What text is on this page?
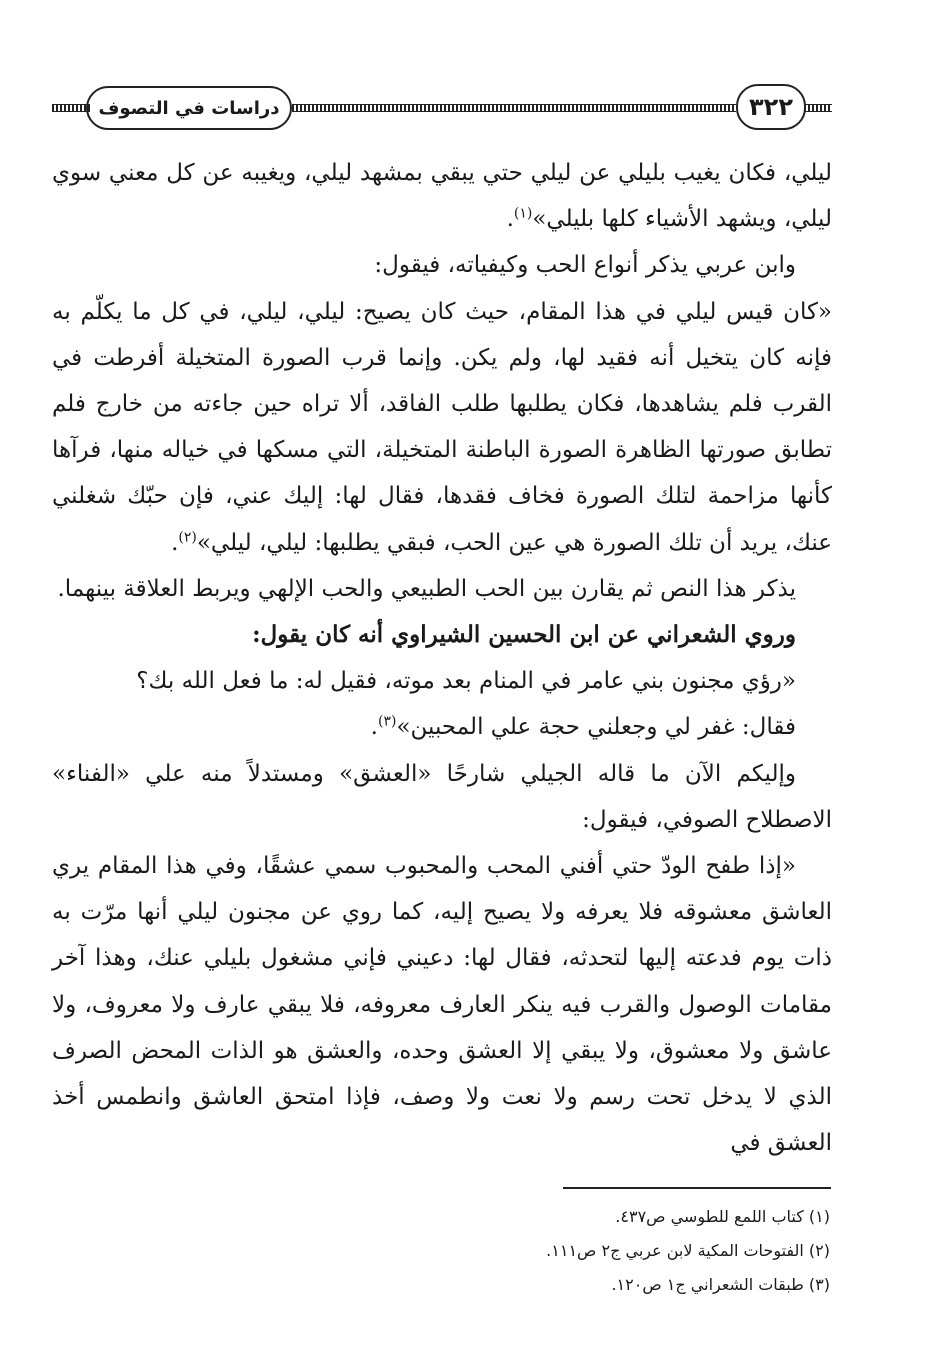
دراسات في التصوف	٣٢٢

ليلي، فكان يغيب بليلي عن ليلي حتي يبقي بمشهد ليلي، ويغيبه عن كل معني سوي ليلي، ويشهد الأشياء كلها بليلي»$^{(١)}$.

وابن عربي يذكر أنواع الحب وكيفياته، فيقول:

«كان قيس ليلي في هذا المقام، حيث كان يصيح: ليلي، ليلي، في كل ما يكلّم به فإنه كان يتخيل أنه فقيد لها، ولم يكن. وإنما قرب الصورة المتخيلة أفرطت في القرب فلم يشاهدها، فكان يطلبها طلب الفاقد، ألا تراه حين جاءته من خارج فلم تطابق صورتها الظاهرة الصورة الباطنة المتخيلة، التي مسكها في خياله منها، فرآها كأنها مزاحمة لتلك الصورة فخاف فقدها، فقال لها: إليك عني، فإن حبّك شغلني عنك، يريد أن تلك الصورة هي عين الحب، فبقي يطلبها: ليلي، ليلي»$^{(٢)}$.

يذكر هذا النص ثم يقارن بين الحب الطبيعي والحب الإلهي ويربط العلاقة بينهما.

وروي الشعراني عن ابن الحسين الشيراوي أنه كان يقول:

«رؤي مجنون بني عامر في المنام بعد موته، فقيل له: ما فعل الله بك؟

فقال: غفر لي وجعلني حجة علي المحبين»$^{(٣)}$.

وإليكم الآن ما قاله الجيلي شارحًا «العشق» ومستدلاً منه علي «الفناء» الاصطلاح الصوفي، فيقول:

«إذا طفح الودّ حتي أفني المحب والمحبوب سمي عشقًا، وفي هذا المقام يري العاشق معشوقه فلا يعرفه ولا يصيح إليه، كما روي عن مجنون ليلي أنها مرّت به ذات يوم فدعته إليها لتحدثه، فقال لها: دعيني فإني مشغول بليلي عنك، وهذا آخر مقامات الوصول والقرب فيه ينكر العارف معروفه، فلا يبقي عارف ولا معروف، ولا عاشق ولا معشوق، ولا يبقي إلا العشق وحده، والعشق هو الذات المحض الصرف الذي لا يدخل تحت رسم ولا نعت ولا وصف، فإذا امتحق العاشق وانطمس أخذ العشق في

(١) كتاب اللمع للطوسي ص٤٣٧.
(٢) الفتوحات المكية لابن عربي ج٢ ص١١١.
(٣) طبقات الشعراني ج١ ص١٢٠.
